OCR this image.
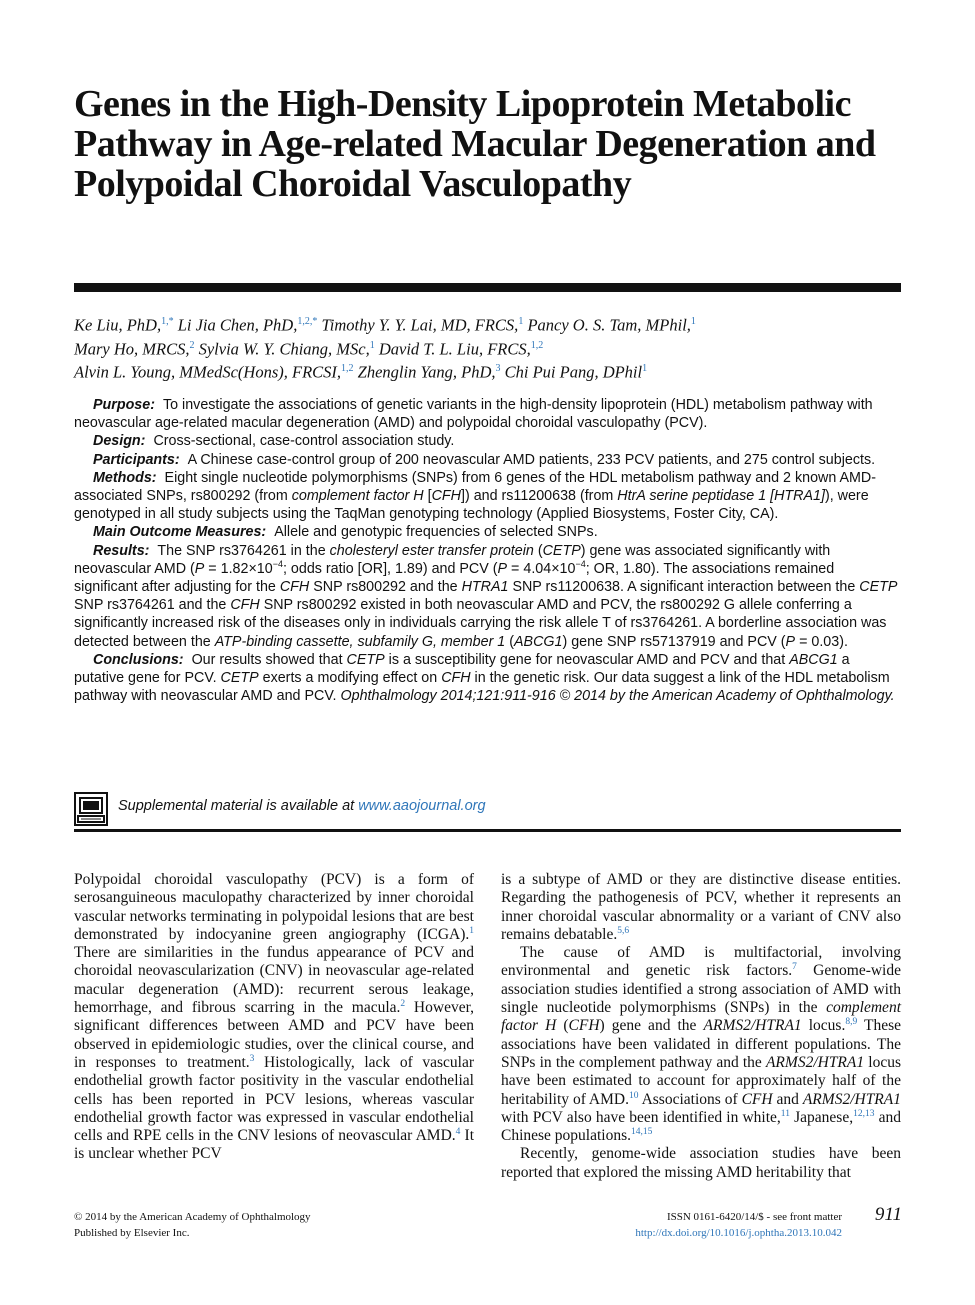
Genes in the High-Density Lipoprotein Metabolic Pathway in Age-related Macular Degeneration and Polypoidal Choroidal Vasculopathy
Ke Liu, PhD,$^{1,*}$ Li Jia Chen, PhD,$^{1,2,*}$ Timothy Y. Y. Lai, MD, FRCS,$^1$ Pancy O. S. Tam, MPhil,$^1$
Mary Ho, MRCS,$^2$ Sylvia W. Y. Chiang, MSc,$^1$ David T. L. Liu, FRCS,$^{1,2}$
Alvin L. Young, MMedSc(Hons), FRCSI,$^{1,2}$ Zhenglin Yang, PhD,$^3$ Chi Pui Pang, DPhil$^1$

Purpose: To investigate the associations of genetic variants in the high-density lipoprotein (HDL) metabolism pathway with neovascular age-related macular degeneration (AMD) and polypoidal choroidal vasculopathy (PCV).

Design: Cross-sectional, case-control association study.

Participants: A Chinese case-control group of 200 neovascular AMD patients, 233 PCV patients, and 275 control subjects.

Methods: Eight single nucleotide polymorphisms (SNPs) from 6 genes of the HDL metabolism pathway and 2 known AMD-associated SNPs, rs800292 (from complement factor H [CFH]) and rs11200638 (from HtrA serine peptidase 1 [HTRA1]), were genotyped in all study subjects using the TaqMan genotyping technology (Applied Biosystems, Foster City, CA).

Main Outcome Measures: Allele and genotypic frequencies of selected SNPs.

Results: The SNP rs3764261 in the cholesteryl ester transfer protein (CETP) gene was associated significantly with neovascular AMD ($P = 1.82\times 10^{-4}$; odds ratio [OR], 1.89) and PCV ($P = 4.04\times 10^{-4}$; OR, 1.80). The associations remained significant after adjusting for the CFH SNP rs800292 and the HTRA1 SNP rs11200638. A significant interaction between the CETP SNP rs3764261 and the CFH SNP rs800292 existed in both neovascular AMD and PCV, the rs800292 G allele conferring a significantly increased risk of the diseases only in individuals carrying the risk allele T of rs3764261. A borderline association was detected between the ATP-binding cassette, subfamily G, member 1 (ABCG1) gene SNP rs57137919 and PCV (P = 0.03).

Conclusions: Our results showed that CETP is a susceptibility gene for neovascular AMD and PCV and that ABCG1 a putative gene for PCV. CETP exerts a modifying effect on CFH in the genetic risk. Our data suggest a link of the HDL metabolism pathway with neovascular AMD and PCV. Ophthalmology 2014;121:911-916 © 2014 by the American Academy of Ophthalmology.

Supplemental material is available at www.aaojournal.org

Polypoidal choroidal vasculopathy (PCV) is a form of serosanguineous maculopathy characterized by inner choroidal vascular networks terminating in polypoidal lesions that are best demonstrated by indocyanine green angiography (ICGA).$^1$ There are similarities in the fundus appearance of PCV and choroidal neovascularization (CNV) in neovascular age-related macular degeneration (AMD): recurrent serous leakage, hemorrhage, and fibrous scarring in the macula.$^2$ However, significant differences between AMD and PCV have been observed in epidemiologic studies, over the clinical course, and in responses to treatment.$^3$ Histologically, lack of vascular endothelial growth factor positivity in the vascular endothelial cells has been reported in PCV lesions, whereas vascular endothelial growth factor was expressed in vascular endothelial cells and RPE cells in the CNV lesions of neovascular AMD.$^4$ It is unclear whether PCV

is a subtype of AMD or they are distinctive disease entities. Regarding the pathogenesis of PCV, whether it represents an inner choroidal vascular abnormality or a variant of CNV also remains debatable.$^{5,6}$

The cause of AMD is multifactorial, involving environmental and genetic risk factors.$^7$ Genome-wide association studies identified a strong association of AMD with single nucleotide polymorphisms (SNPs) in the complement factor H (CFH) gene and the ARMS2/HTRA1 locus.$^{8,9}$ These associations have been validated in different populations. The SNPs in the complement pathway and the ARMS2/HTRA1 locus have been estimated to account for approximately half of the heritability of AMD.$^{10}$ Associations of CFH and ARMS2/HTRA1 with PCV also have been identified in white,$^{11}$ Japanese,$^{12,13}$ and Chinese populations.$^{14,15}$

Recently, genome-wide association studies have been reported that explored the missing AMD heritability that

© 2014 by the American Academy of Ophthalmology
Published by Elsevier Inc.
ISSN 0161-6420/14/$ - see front matter
http://dx.doi.org/10.1016/j.ophtha.2013.10.042
911
